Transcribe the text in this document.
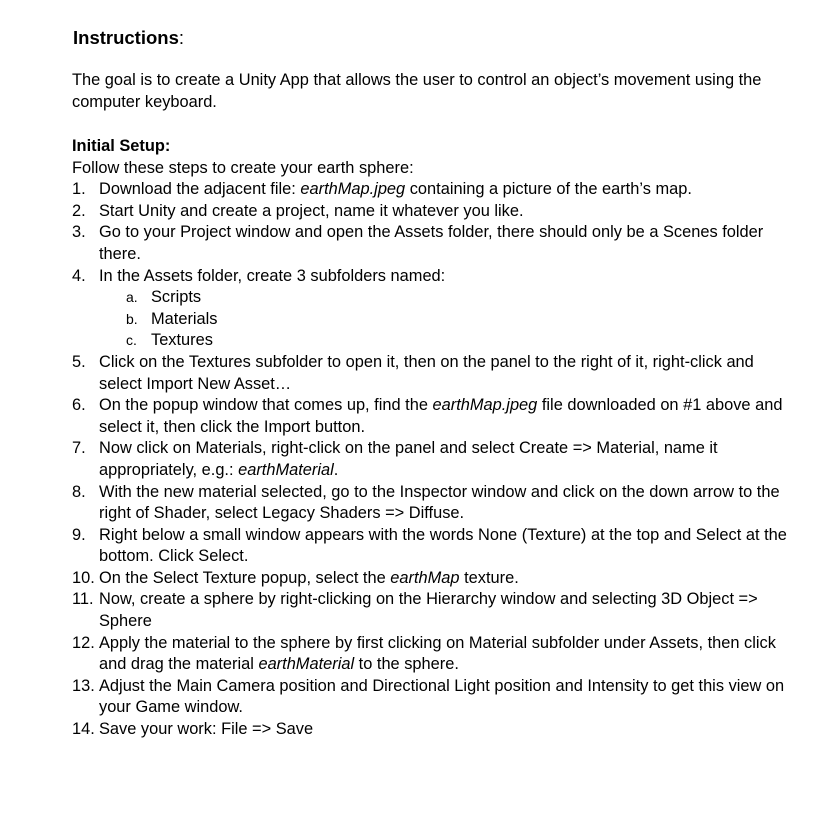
Instructions:

The goal is to create a Unity App that allows the user to control an object’s movement using the computer keyboard.

Initial Setup:

Follow these steps to create your earth sphere:

1. Download the adjacent file: earthMap.jpeg containing a picture of the earth’s map.
2. Start Unity and create a project, name it whatever you like.
3. Go to your Project window and open the Assets folder, there should only be a Scenes folder there.
4. In the Assets folder, create 3 subfolders named:
a. Scripts
b. Materials
c. Textures
5. Click on the Textures subfolder to open it, then on the panel to the right of it, right-click and select Import New Asset…
6. On the popup window that comes up, find the earthMap.jpeg file downloaded on #1 above and select it, then click the Import button.
7. Now click on Materials, right-click on the panel and select Create => Material, name it appropriately, e.g.: earthMaterial.
8. With the new material selected, go to the Inspector window and click on the down arrow to the right of Shader, select Legacy Shaders => Diffuse.
9. Right below a small window appears with the words None (Texture) at the top and Select at the bottom. Click Select.
10. On the Select Texture popup, select the earthMap texture.
11. Now, create a sphere by right-clicking on the Hierarchy window and selecting 3D Object => Sphere
12. Apply the material to the sphere by first clicking on Material subfolder under Assets, then click and drag the material earthMaterial to the sphere.
13. Adjust the Main Camera position and Directional Light position and Intensity to get this view on your Game window.
14. Save your work: File => Save
